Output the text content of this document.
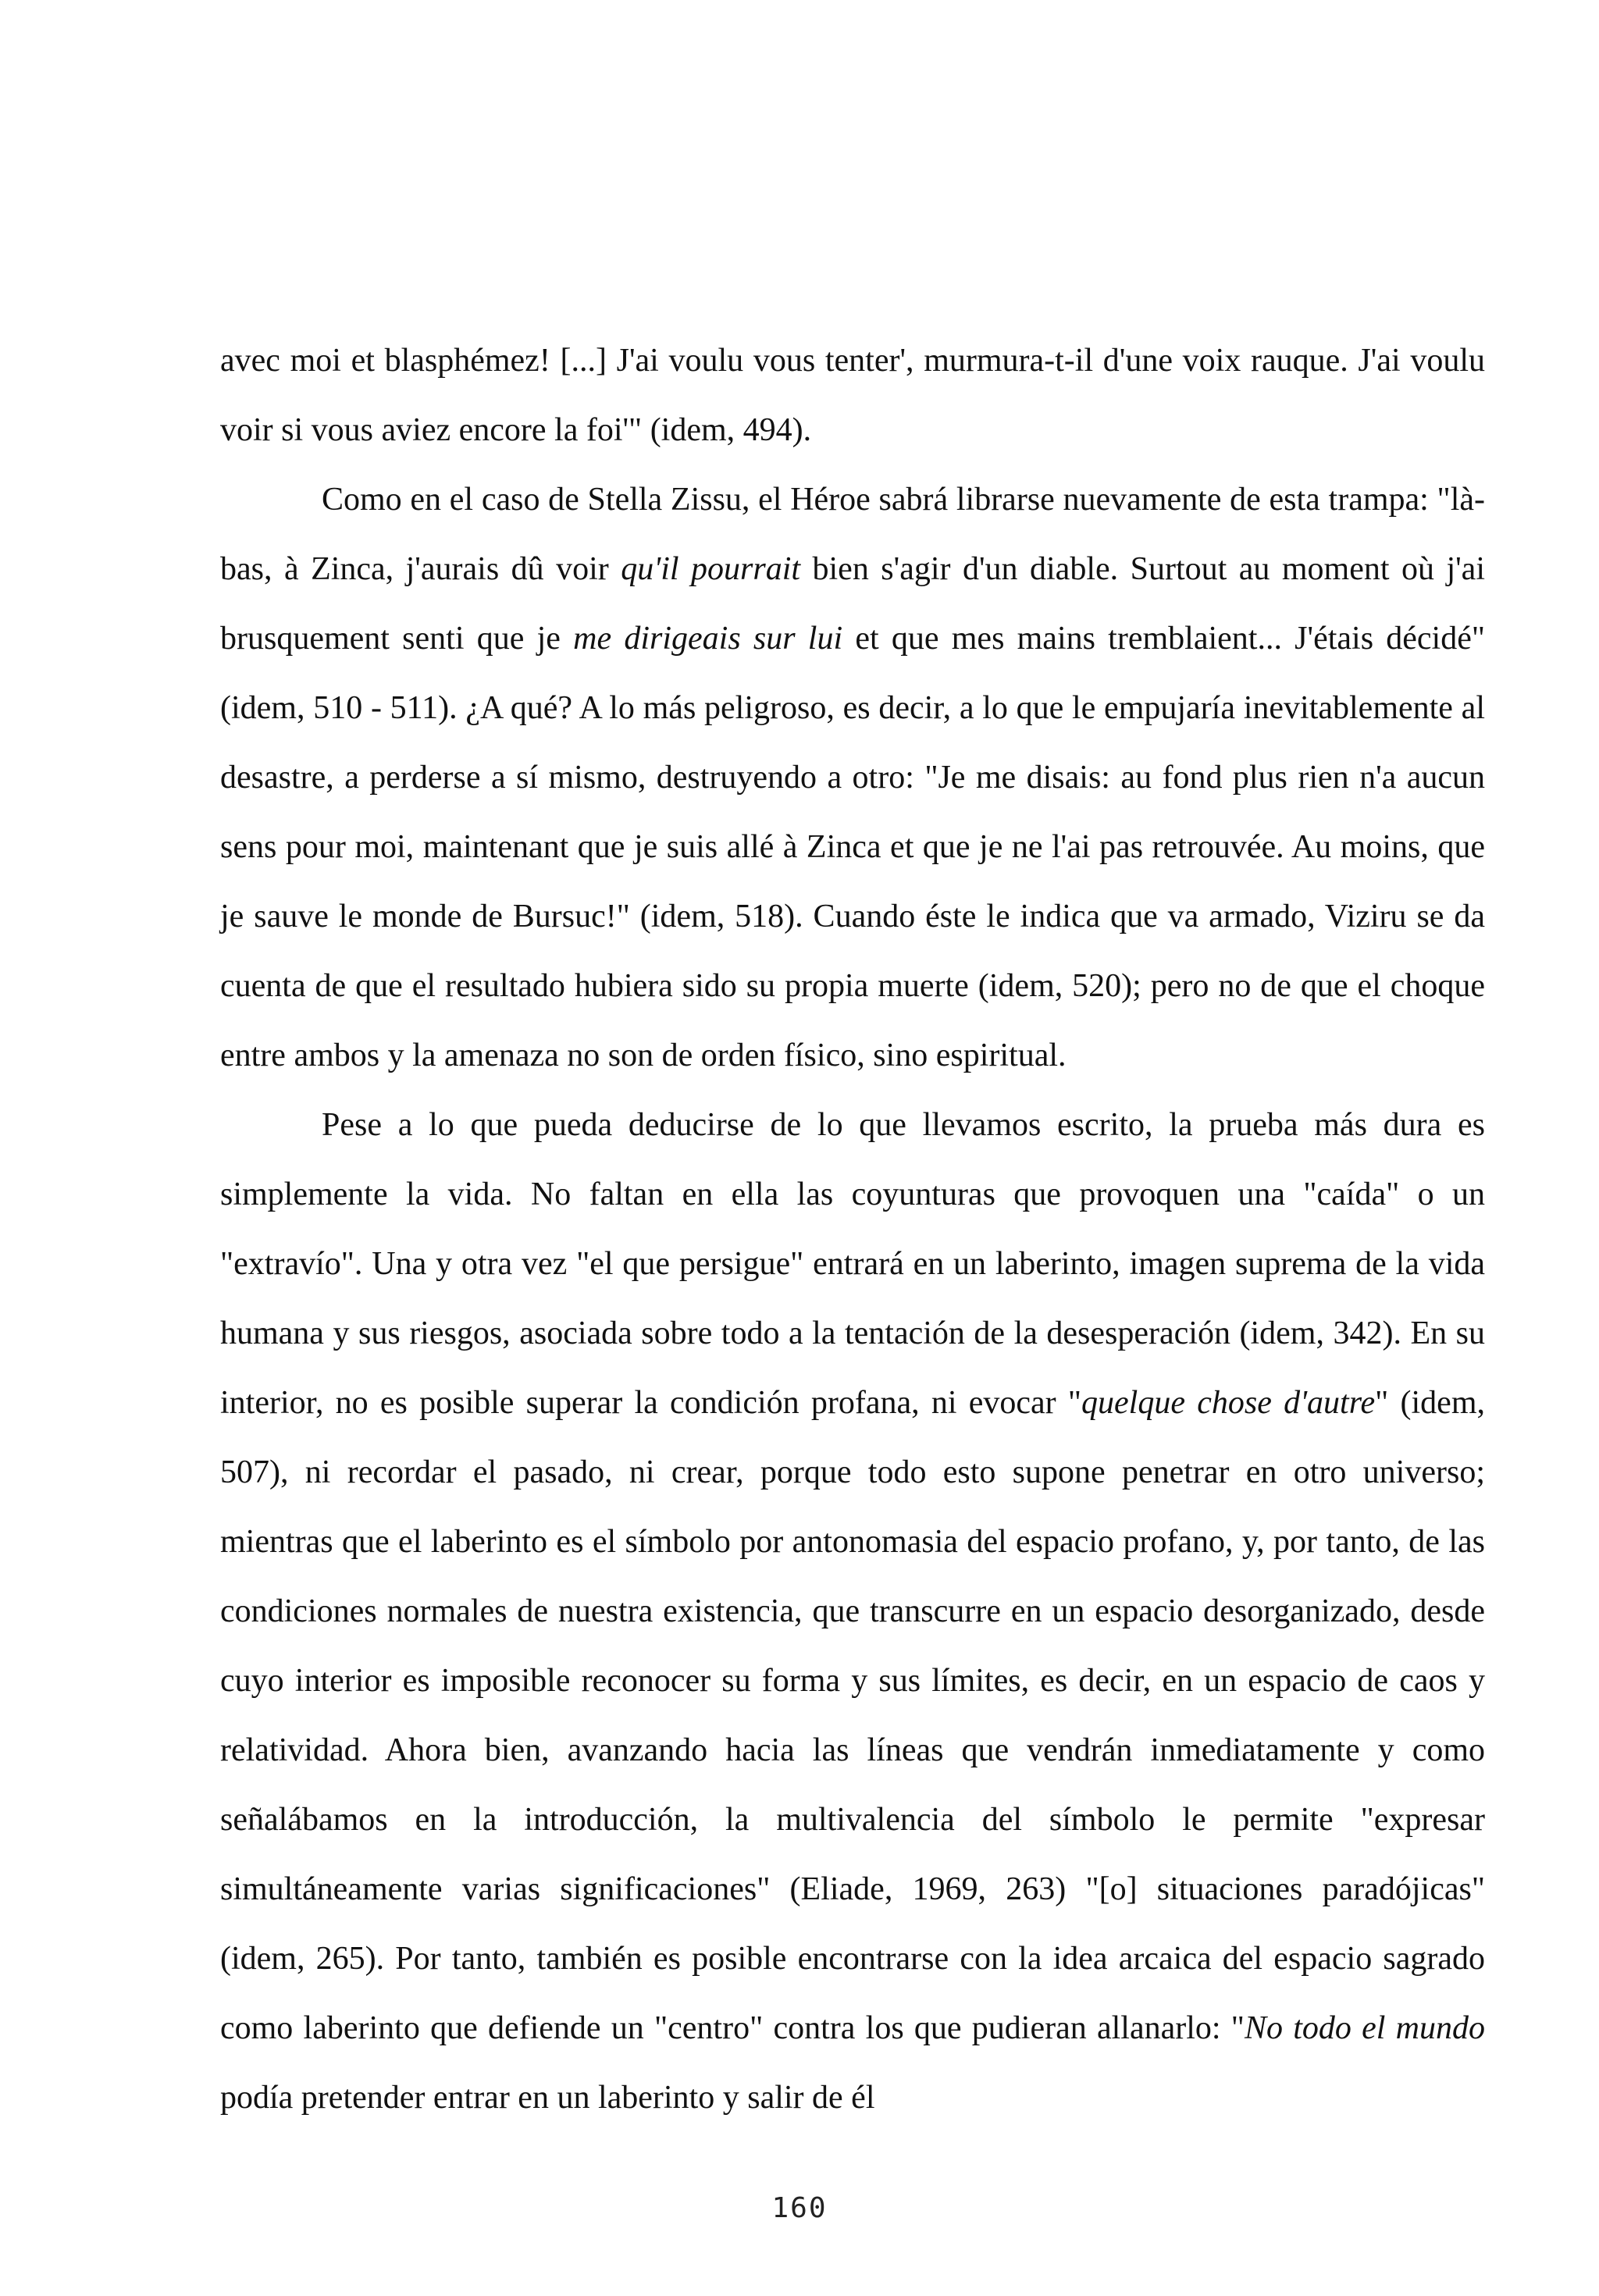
avec moi et blasphémez! [...] J'ai voulu vous tenter', murmura-t-il d'une voix rauque. J'ai voulu voir si vous aviez encore la foi'" (idem, 494).

Como en el caso de Stella Zissu, el Héroe sabrá librarse nuevamente de esta trampa: "là-bas, à Zinca, j'aurais dû voir qu'il pourrait bien s'agir d'un diable. Surtout au moment où j'ai brusquement senti que je me dirigeais sur lui et que mes mains tremblaient... J'étais décidé" (idem, 510 - 511). ¿A qué? A lo más peligroso, es decir, a lo que le empujaría inevitablemente al desastre, a perderse a sí mismo, destruyendo a otro: "Je me disais: au fond plus rien n'a aucun sens pour moi, maintenant que je suis allé à Zinca et que je ne l'ai pas retrouvée. Au moins, que je sauve le monde de Bursuc!" (idem, 518). Cuando éste le indica que va armado, Viziru se da cuenta de que el resultado hubiera sido su propia muerte (idem, 520); pero no de que el choque entre ambos y la amenaza no son de orden físico, sino espiritual.

Pese a lo que pueda deducirse de lo que llevamos escrito, la prueba más dura es simplemente la vida. No faltan en ella las coyunturas que provoquen una "caída" o un "extravío". Una y otra vez "el que persigue" entrará en un laberinto, imagen suprema de la vida humana y sus riesgos, asociada sobre todo a la tentación de la desesperación (idem, 342). En su interior, no es posible superar la condición profana, ni evocar "quelque chose d'autre" (idem, 507), ni recordar el pasado, ni crear, porque todo esto supone penetrar en otro universo; mientras que el laberinto es el símbolo por antonomasia del espacio profano, y, por tanto, de las condiciones normales de nuestra existencia, que transcurre en un espacio desorganizado, desde cuyo interior es imposible reconocer su forma y sus límites, es decir, en un espacio de caos y relatividad. Ahora bien, avanzando hacia las líneas que vendrán inmediatamente y como señalábamos en la introducción, la multivalencia del símbolo le permite "expresar simultáneamente varias significaciones" (Eliade, 1969, 263) "[o] situaciones paradójicas" (idem, 265). Por tanto, también es posible encontrarse con la idea arcaica del espacio sagrado como laberinto que defiende un "centro" contra los que pudieran allanarlo: "No todo el mundo podía pretender entrar en un laberinto y salir de él

160
